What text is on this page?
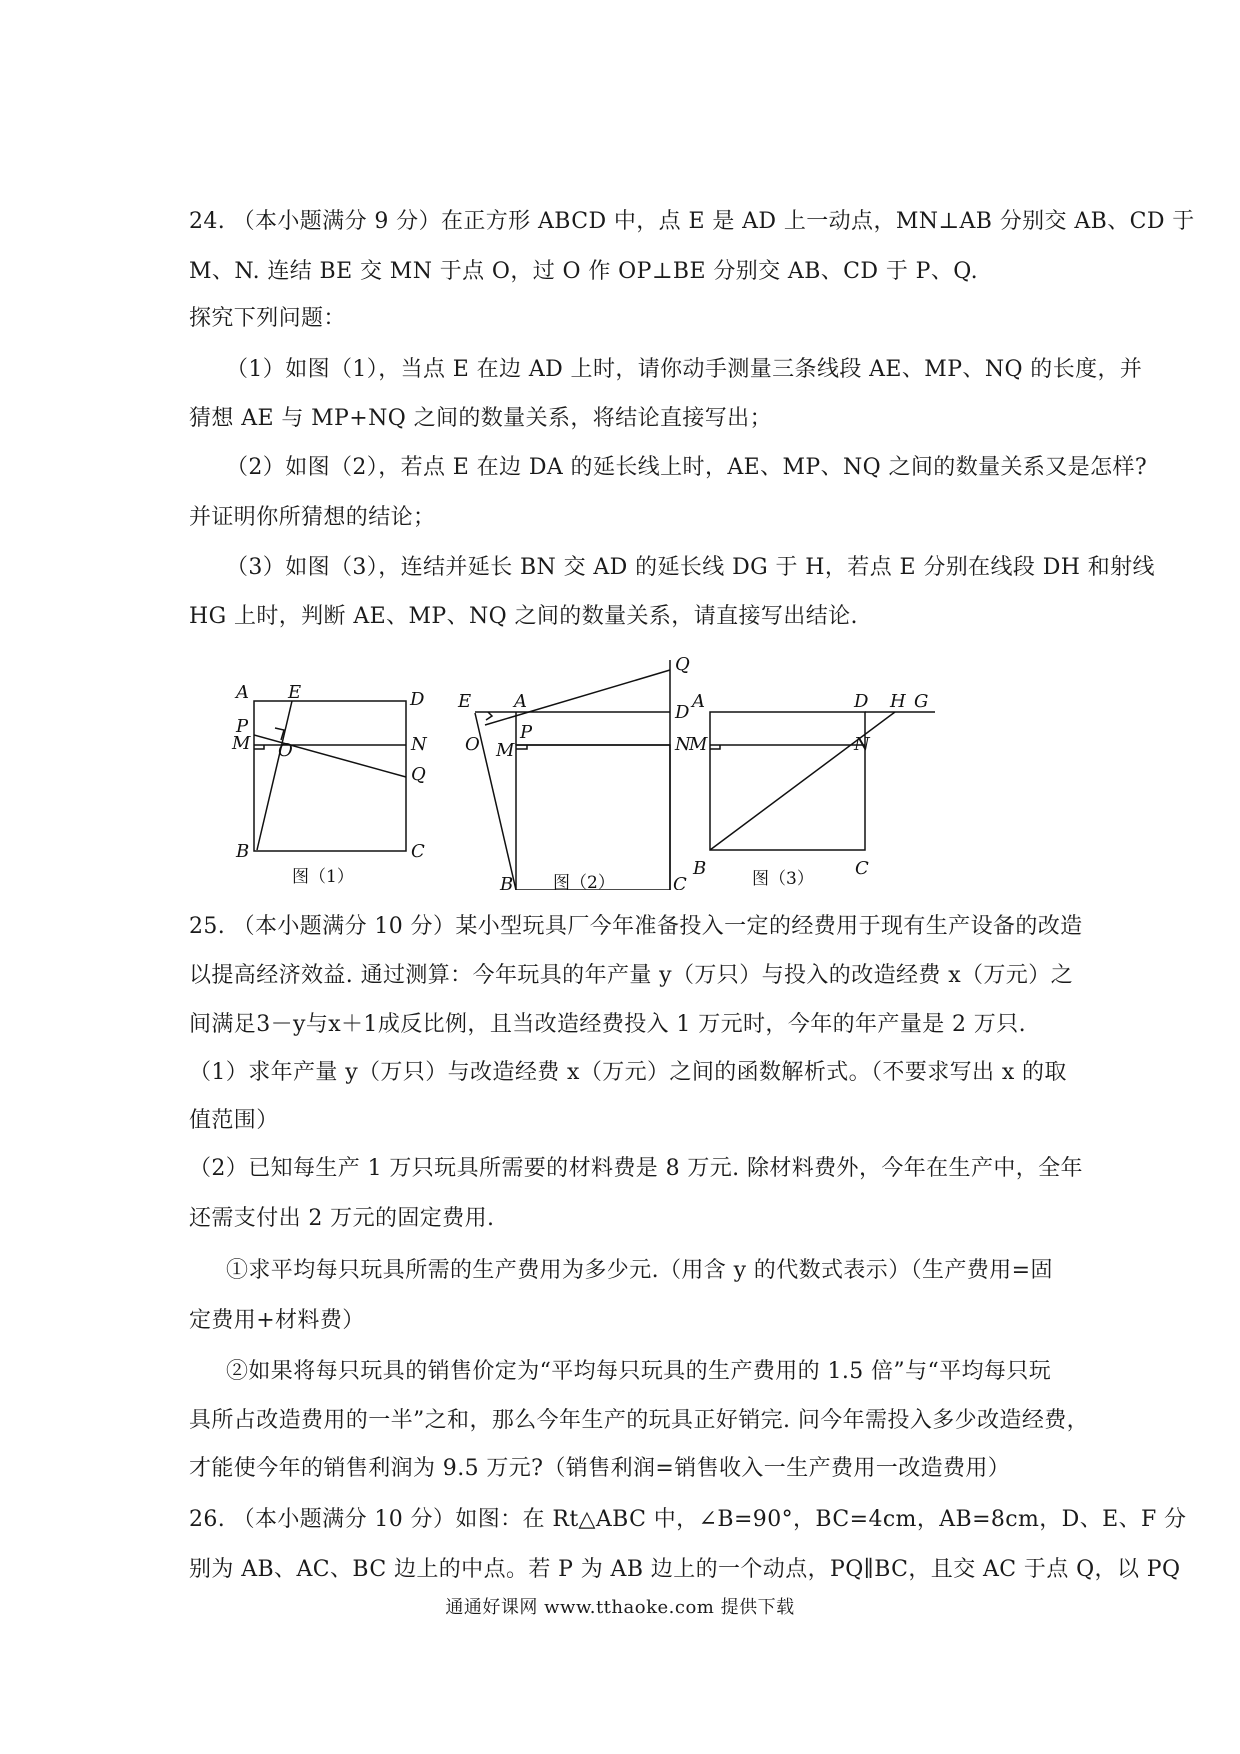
24. （本小题满分 9 分）在正方形 ABCD 中，点 E 是 AD 上一动点，MN⊥AB 分别交 AB、CD 于
M、N. 连结 BE 交 MN 于点 O，过 O 作 OP⊥BE 分别交 AB、CD 于 P、Q.
探究下列问题：
（1）如图（1），当点 E 在边 AD 上时，请你动手测量三条线段 AE、MP、NQ 的长度，并
猜想 AE 与 MP+NQ 之间的数量关系，将结论直接写出；
（2）如图（2），若点 E 在边 DA 的延长线上时，AE、MP、NQ 之间的数量关系又是怎样?
并证明你所猜想的结论；
（3）如图（3），连结并延长 BN 交 AD 的延长线 DG 于 H，若点 E 分别在线段 DH 和射线
HG 上时，判断 AE、MP、NQ 之间的数量关系，请直接写出结论.
A E	D
P
M O	N
Q
B	C
图（1）
Q
E A
D
P
O M	N
B	C
图（2）
A	D H G
M	N
B	C
图（3）
25. （本小题满分 10 分）某小型玩具厂今年准备投入一定的经费用于现有生产设备的改造
以提高经济效益. 通过测算：今年玩具的年产量 y（万只）与投入的改造经费 x（万元）之
间满足3－y与x＋1成反比例，且当改造经费投入 1 万元时，今年的年产量是 2 万只.
（1）求年产量 y（万只）与改造经费 x（万元）之间的函数解析式。（不要求写出 x 的取
值范围）
（2）已知每生产 1 万只玩具所需要的材料费是 8 万元. 除材料费外，今年在生产中，全年
还需支付出 2 万元的固定费用.
①求平均每只玩具所需的生产费用为多少元.（用含 y 的代数式表示）（生产费用=固
定费用+材料费）
②如果将每只玩具的销售价定为“平均每只玩具的生产费用的 1.5 倍”与“平均每只玩
具所占改造费用的一半”之和，那么今年生产的玩具正好销完. 问今年需投入多少改造经费，
才能使今年的销售利润为 9.5 万元?（销售利润=销售收入一生产费用一改造费用）
26. （本小题满分 10 分）如图：在 Rt△ABC 中，∠B=90°，BC=4cm，AB=8cm，D、E、F 分
别为 AB、AC、BC 边上的中点。若 P 为 AB 边上的一个动点，PQ∥BC，且交 AC 于点 Q，以 PQ
通通好课网 www.tthaoke.com 提供下载
